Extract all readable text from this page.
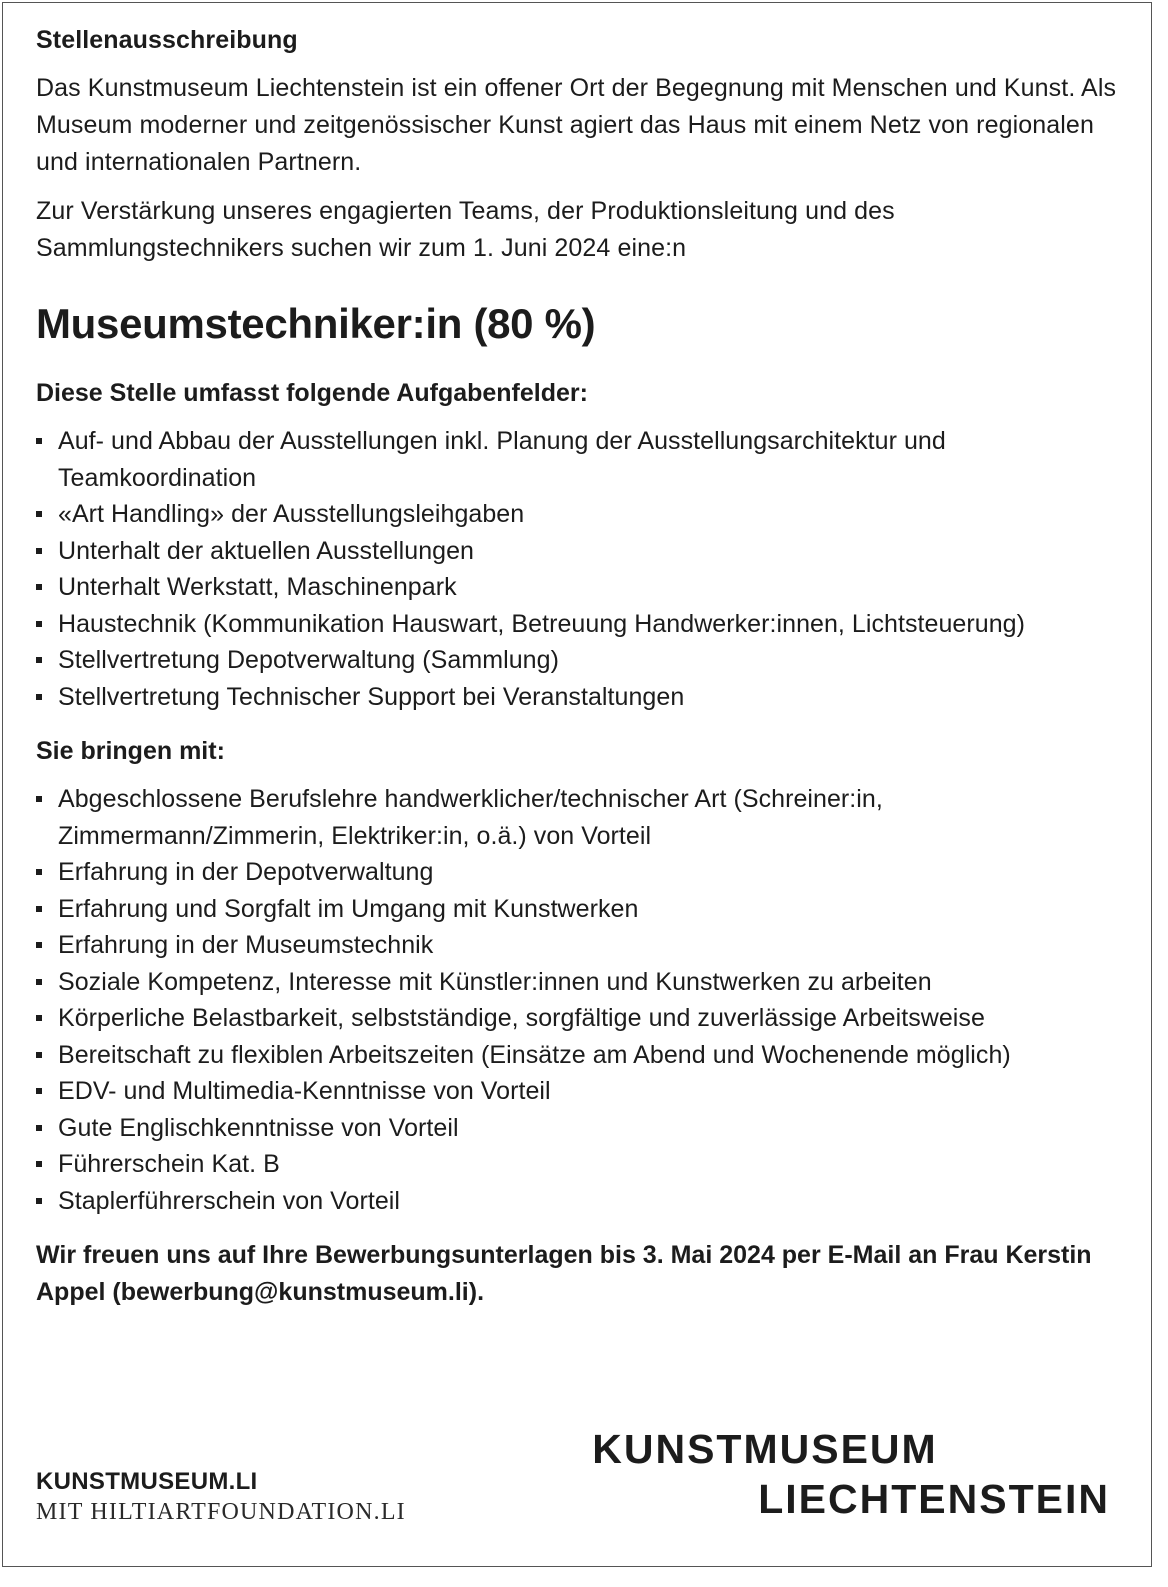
Stellenausschreibung

Das Kunstmuseum Liechtenstein ist ein offener Ort der Begegnung mit Menschen und Kunst. Als Museum moderner und zeitgenössischer Kunst agiert das Haus mit einem Netz von regionalen und internationalen Partnern.

Zur Verstärkung unseres engagierten Teams, der Produktionsleitung und des Sammlungstechnikers suchen wir zum 1. Juni 2024 eine:n

Museumstechniker:in (80 %)
Diese Stelle umfasst folgende Aufgabenfelder:
Auf- und Abbau der Ausstellungen inkl. Planung der Ausstellungsarchitektur und Teamkoordination
«Art Handling» der Ausstellungsleihgaben
Unterhalt der aktuellen Ausstellungen
Unterhalt Werkstatt, Maschinenpark
Haustechnik (Kommunikation Hauswart, Betreuung Handwerker:innen, Lichtsteuerung)
Stellvertretung Depotverwaltung (Sammlung)
Stellvertretung Technischer Support bei Veranstaltungen
Sie bringen mit:
Abgeschlossene Berufslehre handwerklicher/technischer Art (Schreiner:in, Zimmermann/Zimmerin, Elektriker:in, o.ä.) von Vorteil
Erfahrung in der Depotverwaltung
Erfahrung und Sorgfalt im Umgang mit Kunstwerken
Erfahrung in der Museumstechnik
Soziale Kompetenz, Interesse mit Künstler:innen und Kunstwerken zu arbeiten
Körperliche Belastbarkeit, selbstständige, sorgfältige und zuverlässige Arbeitsweise
Bereitschaft zu flexiblen Arbeitszeiten (Einsätze am Abend und Wochenende möglich)
EDV- und Multimedia-Kenntnisse von Vorteil
Gute Englischkenntnisse von Vorteil
Führerschein Kat. B
Staplerführerschein von Vorteil

Wir freuen uns auf Ihre Bewerbungsunterlagen bis 3. Mai 2024 per E-Mail an Frau Kerstin Appel (bewerbung@kunstmuseum.li).

KUNSTMUSEUM.LI
MIT HILTIARTFOUNDATION.LI
KUNSTMUSEUM
LIECHTENSTEIN
